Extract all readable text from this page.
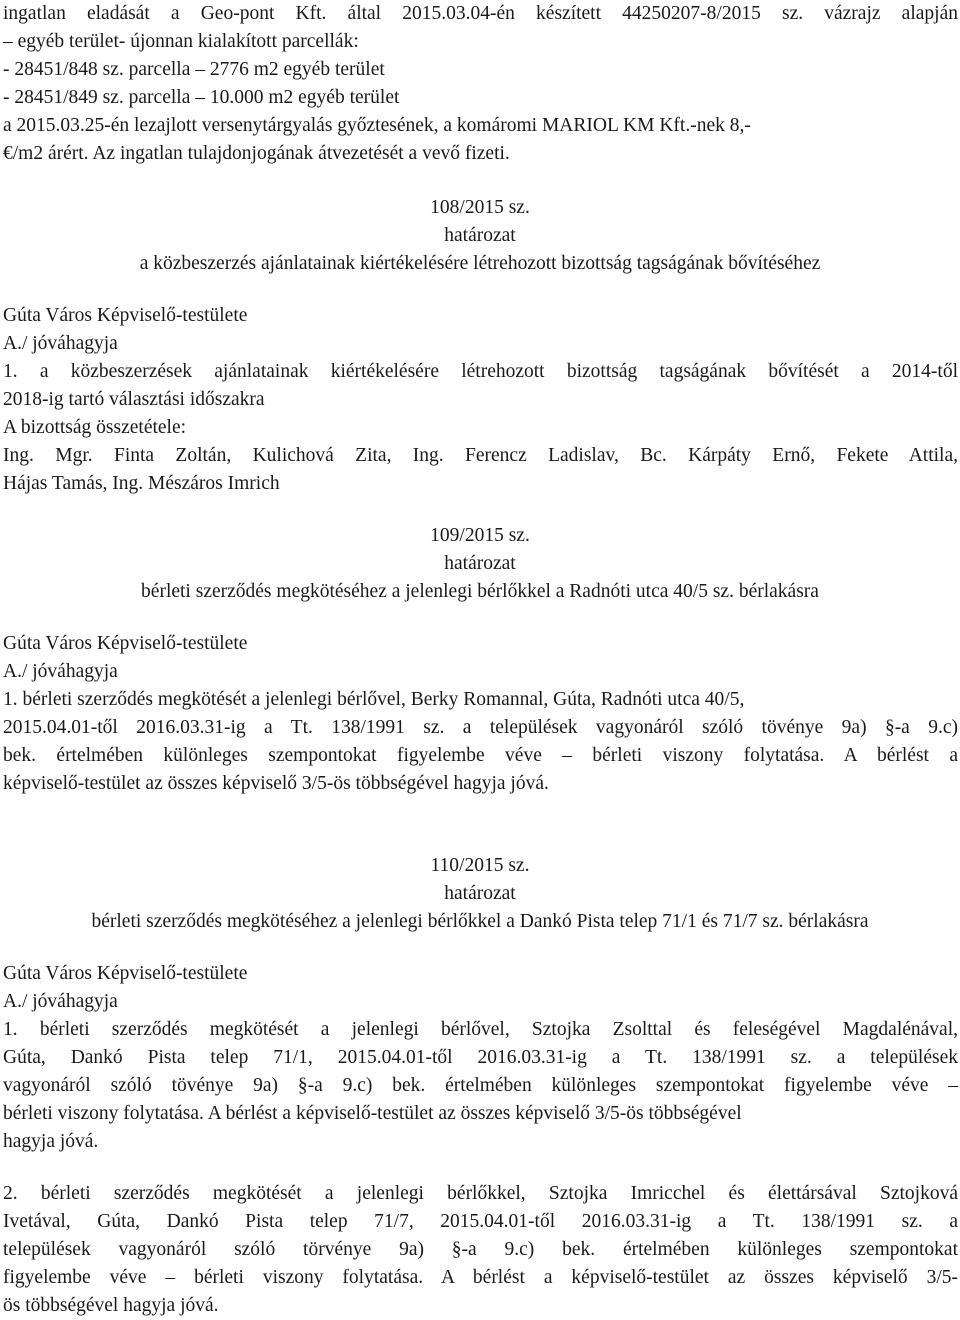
ingatlan eladását a Geo-pont Kft. által 2015.03.04-én készített 44250207-8/2015 sz. vázrajz alapján
– egyéb terület- újonnan kialakított parcellák:
- 28451/848 sz. parcella – 2776 m2 egyéb terület
- 28451/849 sz. parcella – 10.000 m2 egyéb terület
a 2015.03.25-én lezajlott versenytárgyalás győztesének, a komáromi MARIOL KM Kft.-nek 8,-
€/m2 árért. Az ingatlan tulajdonjogának átvezetését a vevő fizeti.
108/2015 sz.
határozat
a közbeszerzés ajánlatainak kiértékelésére létrehozott bizottság tagságának bővítéséhez
Gúta Város Képviselő-testülete
A./ jóváhagyja
1. a közbeszerzések ajánlatainak kiértékelésére létrehozott bizottság tagságának bővítését a 2014-től
2018-ig tartó választási időszakra
A bizottság összetétele:
Ing. Mgr. Finta Zoltán, Kulichová Zita, Ing. Ferencz Ladislav, Bc. Kárpáty Ernő, Fekete Attila,
Hájas Tamás, Ing. Mészáros Imrich
109/2015 sz.
határozat
bérleti szerződés megkötéséhez a jelenlegi bérlőkkel a Radnóti utca 40/5 sz. bérlakásra
Gúta Város Képviselő-testülete
A./ jóváhagyja
1. bérleti szerződés megkötését a jelenlegi bérlővel, Berky Romannal, Gúta, Radnóti utca 40/5,
2015.04.01-től 2016.03.31-ig a Tt. 138/1991 sz. a települések vagyonáról szóló tövénye 9a) §-a 9.c)
bek. értelmében különleges szempontokat figyelembe véve – bérleti viszony folytatása. A bérlést a
képviselő-testület az összes képviselő 3/5-ös többségével hagyja jóvá.
110/2015 sz.
határozat
bérleti szerződés megkötéséhez a jelenlegi bérlőkkel a Dankó Pista telep 71/1 és 71/7 sz. bérlakásra
Gúta Város Képviselő-testülete
A./ jóváhagyja
1. bérleti szerződés megkötését a jelenlegi bérlővel, Sztojka Zsolttal és feleségével Magdalénával,
Gúta, Dankó Pista telep 71/1, 2015.04.01-től 2016.03.31-ig a Tt. 138/1991 sz. a települések
vagyonáról szóló tövénye 9a) §-a 9.c) bek. értelmében különleges szempontokat figyelembe véve –
bérleti viszony folytatása. A bérlést a képviselő-testület az összes képviselő 3/5-ös többségével
hagyja jóvá.
2. bérleti szerződés megkötését a jelenlegi bérlőkkel, Sztojka Imricchel és élettársával Sztojková
Ivetával, Gúta, Dankó Pista telep 71/7, 2015.04.01-től 2016.03.31-ig a Tt. 138/1991 sz. a
települések vagyonáról szóló törvénye 9a) §-a 9.c) bek. értelmében különleges szempontokat
figyelembe véve – bérleti viszony folytatása. A bérlést a képviselő-testület az összes képviselő 3/5-
ös többségével hagyja jóvá.
